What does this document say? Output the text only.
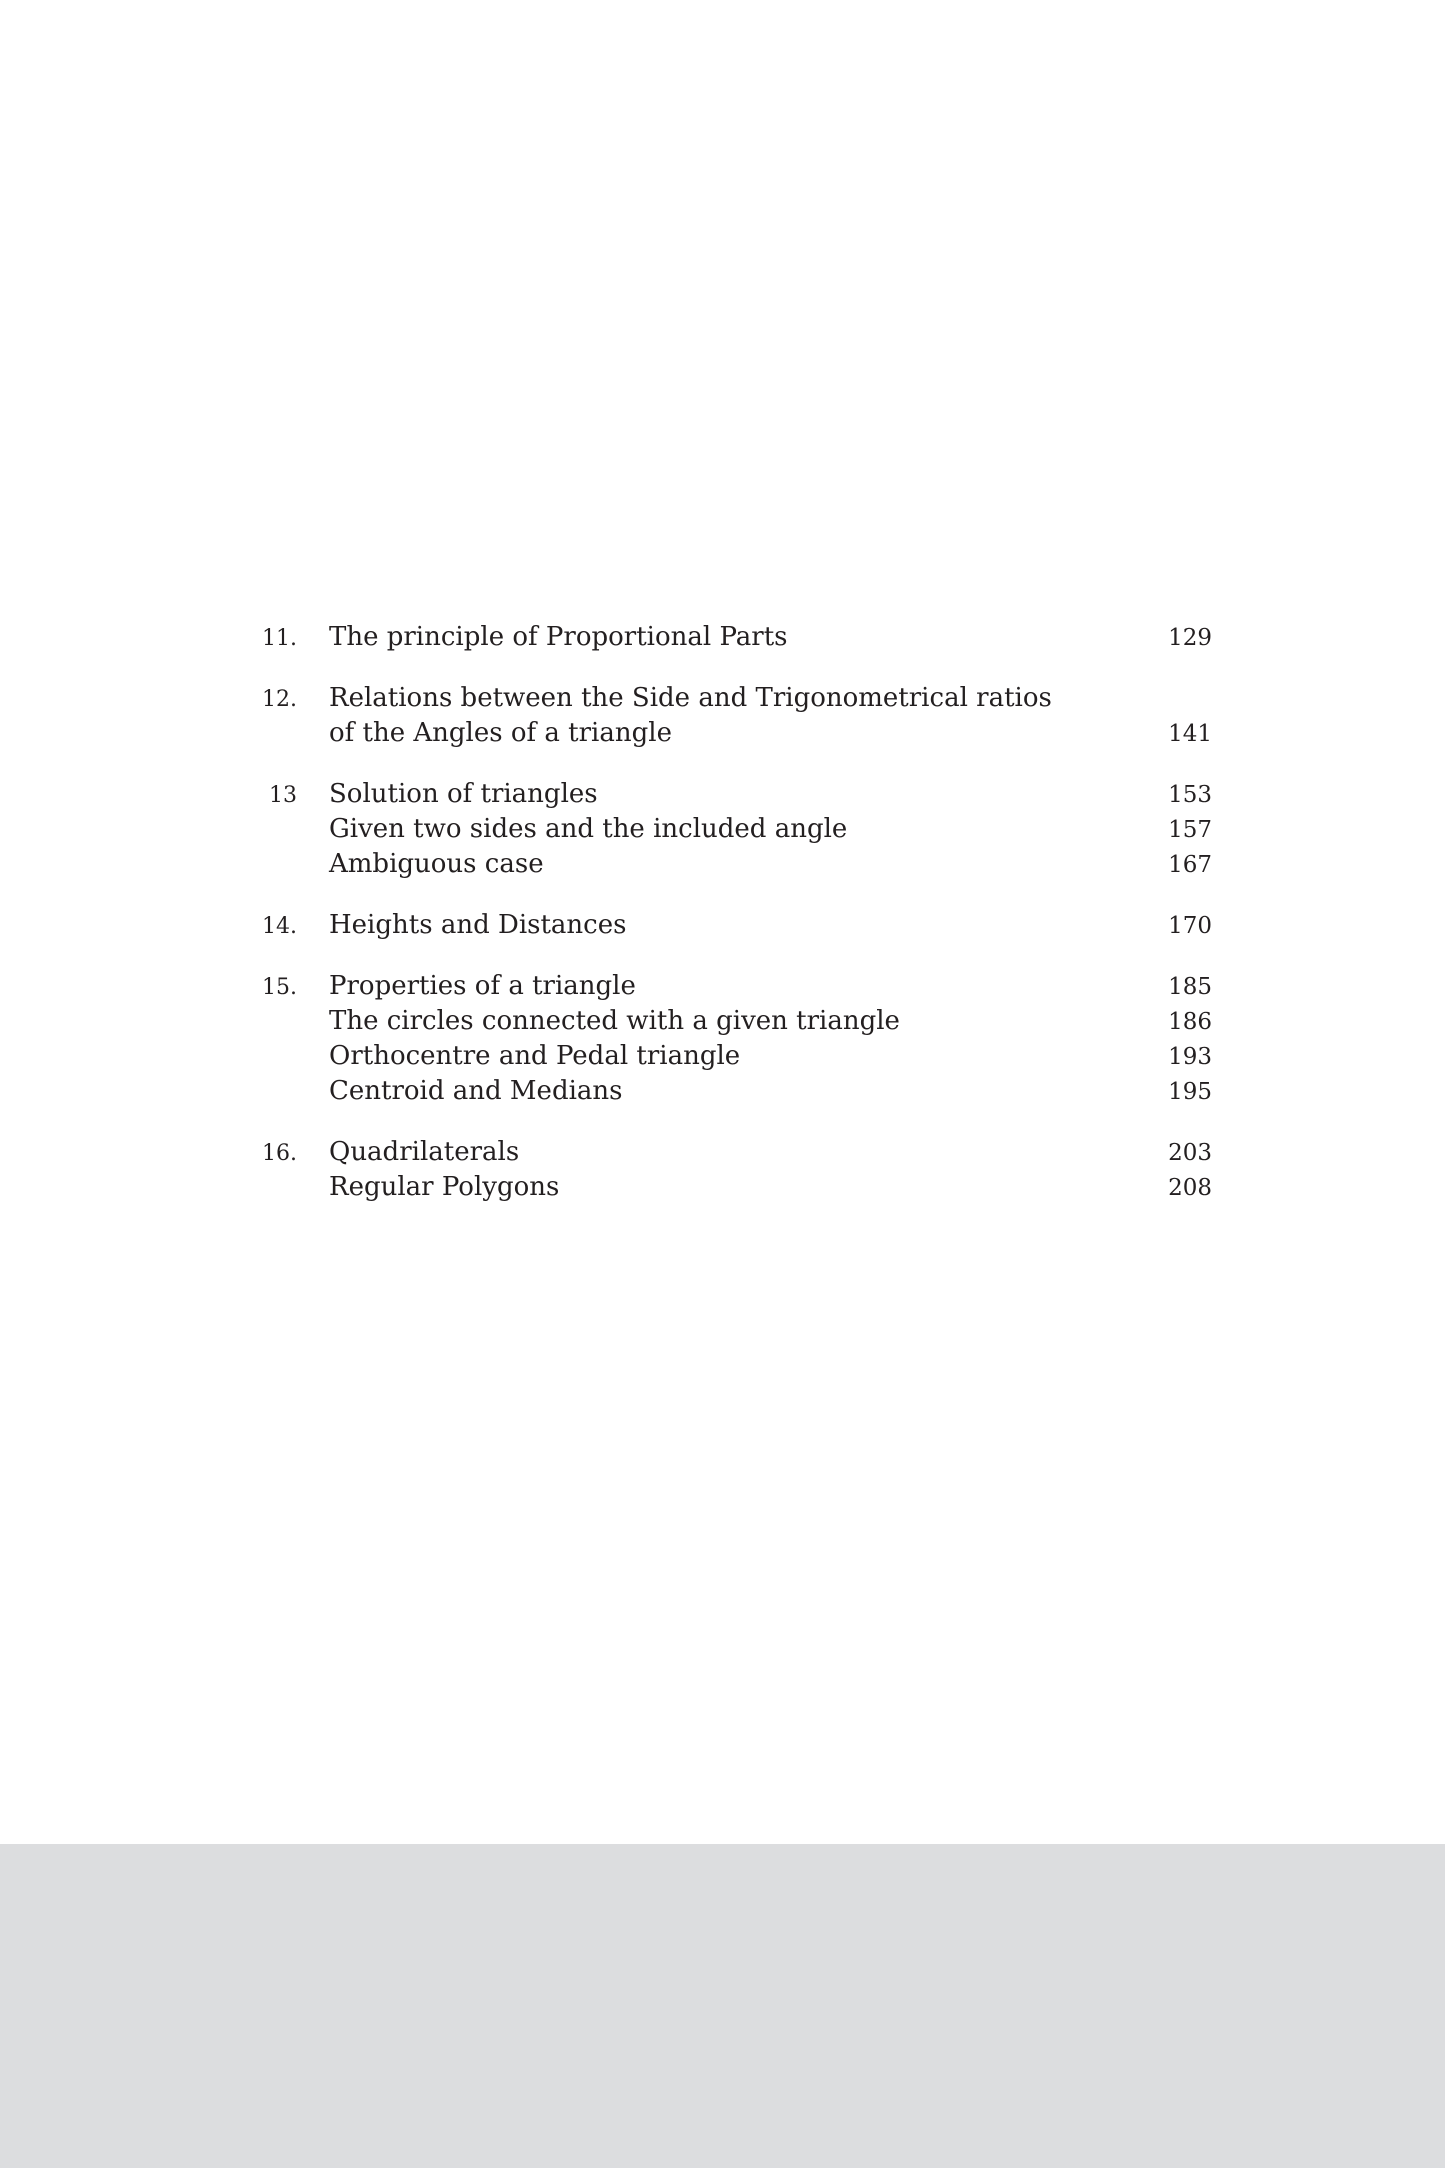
11.	The principle of Proportional Parts	129
12.	Relations between the Side and Trigonometrical ratios
of the Angles of a triangle	141
13	Solution of triangles	153
Given two sides and the included angle	157
Ambiguous case	167
14.	Heights and Distances	170
15.	Properties of a triangle	185
The circles connected with a given triangle	186
Orthocentre and Pedal triangle	193
Centroid and Medians	195
16.	Quadrilaterals	203
Regular Polygons	208
